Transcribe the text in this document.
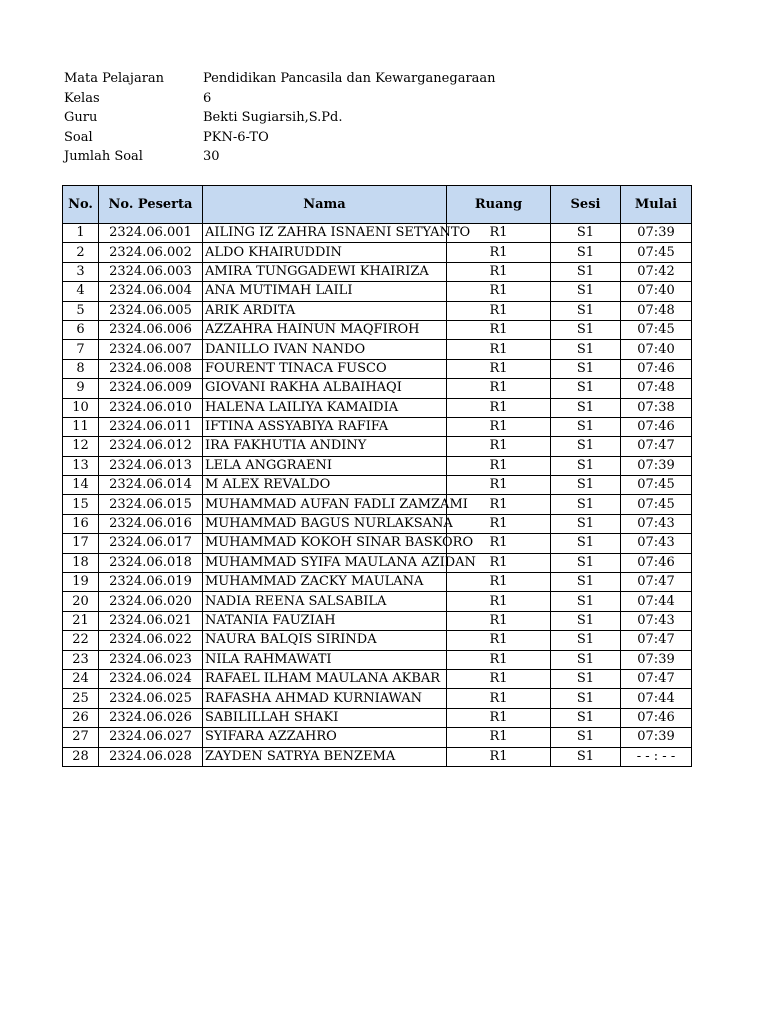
Mata Pelajaran	Pendidikan Pancasila dan Kewarganegaraan
Kelas	6
Guru	Bekti Sugiarsih,S.Pd.
Soal	PKN-6-TO
Jumlah Soal	30
No.	No. Peserta	Nama	Ruang	Sesi	Mulai
1	2324.06.001	AILING IZ ZAHRA ISNAENI SETYANTO	R1	S1	07:39
2	2324.06.002	ALDO KHAIRUDDIN	R1	S1	07:45
3	2324.06.003	AMIRA TUNGGADEWI KHAIRIZA	R1	S1	07:42
4	2324.06.004	ANA MUTIMAH LAILI	R1	S1	07:40
5	2324.06.005	ARIK ARDITA	R1	S1	07:48
6	2324.06.006	AZZAHRA HAINUN MAQFIROH	R1	S1	07:45
7	2324.06.007	DANILLO IVAN NANDO	R1	S1	07:40
8	2324.06.008	FOURENT TINACA FUSCO	R1	S1	07:46
9	2324.06.009	GIOVANI RAKHA ALBAIHAQI	R1	S1	07:48
10	2324.06.010	HALENA LAILIYA KAMAIDIA	R1	S1	07:38
11	2324.06.011	IFTINA ASSYABIYA RAFIFA	R1	S1	07:46
12	2324.06.012	IRA FAKHUTIA ANDINY	R1	S1	07:47
13	2324.06.013	LELA ANGGRAENI	R1	S1	07:39
14	2324.06.014	M ALEX REVALDO	R1	S1	07:45
15	2324.06.015	MUHAMMAD AUFAN FADLI ZAMZAMI	R1	S1	07:45
16	2324.06.016	MUHAMMAD BAGUS NURLAKSANA	R1	S1	07:43
17	2324.06.017	MUHAMMAD KOKOH SINAR BASKORO	R1	S1	07:43
18	2324.06.018	MUHAMMAD SYIFA MAULANA AZIDAN	R1	S1	07:46
19	2324.06.019	MUHAMMAD ZACKY MAULANA	R1	S1	07:47
20	2324.06.020	NADIA REENA SALSABILA	R1	S1	07:44
21	2324.06.021	NATANIA FAUZIAH	R1	S1	07:43
22	2324.06.022	NAURA BALQIS SIRINDA	R1	S1	07:47
23	2324.06.023	NILA RAHMAWATI	R1	S1	07:39
24	2324.06.024	RAFAEL ILHAM MAULANA AKBAR	R1	S1	07:47
25	2324.06.025	RAFASHA AHMAD KURNIAWAN	R1	S1	07:44
26	2324.06.026	SABILILLAH SHAKI	R1	S1	07:46
27	2324.06.027	SYIFARA AZZAHRO	R1	S1	07:39
28	2324.06.028	ZAYDEN SATRYA BENZEMA	R1	S1	- - : - -
